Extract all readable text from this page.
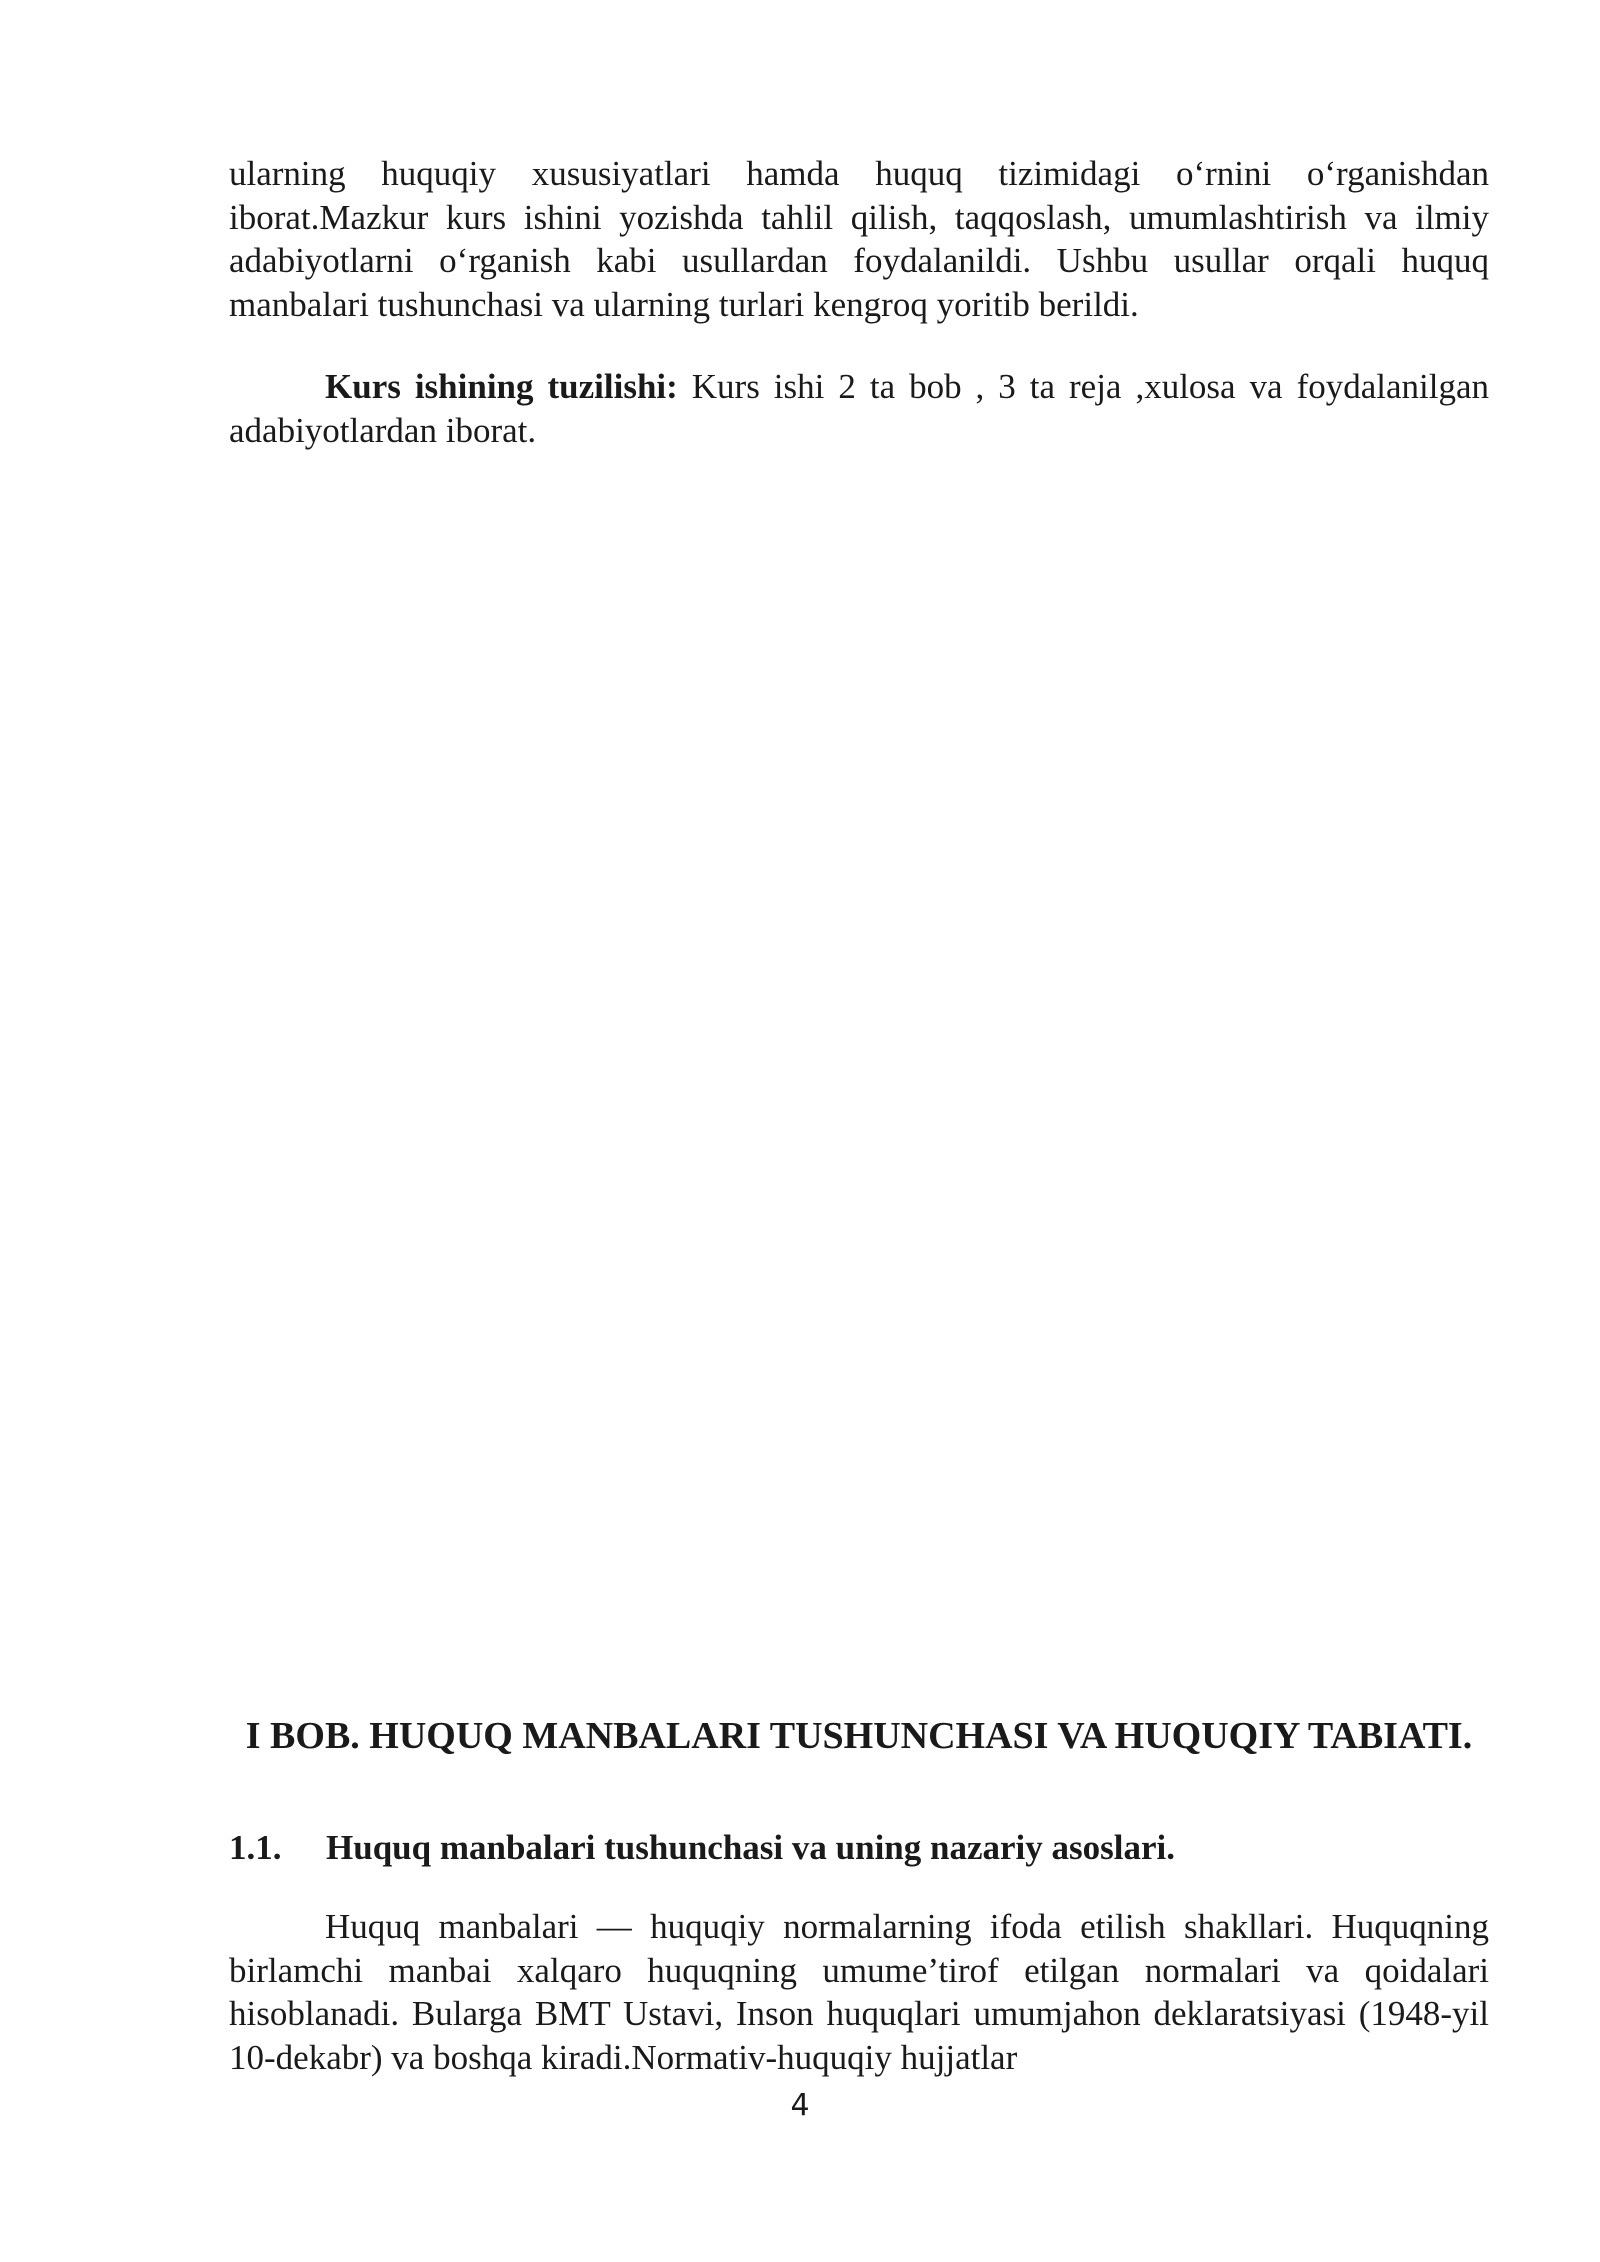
ularning huquqiy xususiyatlari hamda huquq tizimidagi o‘rnini o‘rganishdan iborat.Mazkur kurs ishini yozishda tahlil qilish, taqqoslash, umumlashtirish va ilmiy adabiyotlarni o‘rganish kabi usullardan foydalanildi. Ushbu usullar orqali huquq manbalari tushunchasi va ularning turlari kengroq yoritib berildi.

Kurs ishining tuzilishi: Kurs ishi 2 ta bob , 3 ta reja ,xulosa va foydalanilgan adabiyotlardan iborat.

I BOB. HUQUQ MANBALARI TUSHUNCHASI VA HUQUQIY TABIATI.
1.1. Huquq manbalari tushunchasi va uning nazariy asoslari.

Huquq manbalari — huquqiy normalarning ifoda etilish shakllari. Huquqning birlamchi manbai xalqaro huquqning umume’tirof etilgan normalari va qoidalari hisoblanadi. Bularga BMT Ustavi, Inson huquqlari umumjahon deklaratsiyasi (1948-yil 10-dekabr) va boshqa kiradi.Normativ-huquqiy hujjatlar

4
